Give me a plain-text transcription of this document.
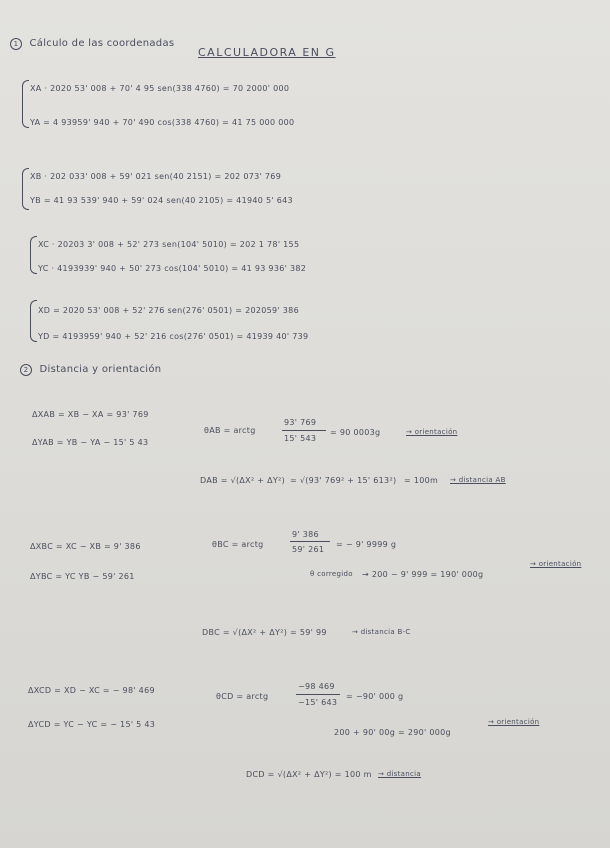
1 Cálculo de las coordenadas
CALCULADORA EN G
XA · 2020 53' 008 + 70' 4 95 sen(338 4760) = 70 2000' 000
YA = 4 93959' 940 + 70' 490 cos(338 4760) = 41 75 000 000
XB · 202 033' 008 + 59' 021 sen(40 2151) = 202 073' 769
YB = 41 93 539' 940 + 59' 024 sen(40 2105) = 41940 5' 643
XC · 20203 3' 008 + 52' 273 sen(104' 5010) = 202 1 78' 155
YC · 4193939' 940 + 50' 273 cos(104' 5010) = 41 93 936' 382
XD = 2020 53' 008 + 52' 276 sen(276' 0501) = 202059' 386
YD = 4193959' 940 + 52' 216 cos(276' 0501) = 41939 40' 739
2 Distancia y orientación
ΔXAB = XB − XA = 93' 769
ΔYAB = YB − YA − 15' 5 43
θAB = arctg
93' 769
15' 543
= 90 0003g	→ orientación
DAB = √(ΔX² + ΔY²) = √(93' 769² + 15' 613²) = 100m → distancia AB
ΔXBC = XC − XB = 9' 386
ΔYBC = YC YB − 59' 261
θBC = arctg
9' 386
59' 261
= − 9' 9999 g
θ corregido → 200 − 9' 999 = 190' 000g
→ orientación
DBC = √(ΔX² + ΔY²) = 59' 99	→ distancia B-C
ΔXCD = XD − XC = − 98' 469
ΔYCD = YC − YC = − 15' 5 43
θCD = arctg
−98 469
−15' 643
= −90' 000 g
200 + 90' 00g = 290' 000g
→ orientación
DCD = √(ΔX² + ΔY²) = 100 m → distancia
